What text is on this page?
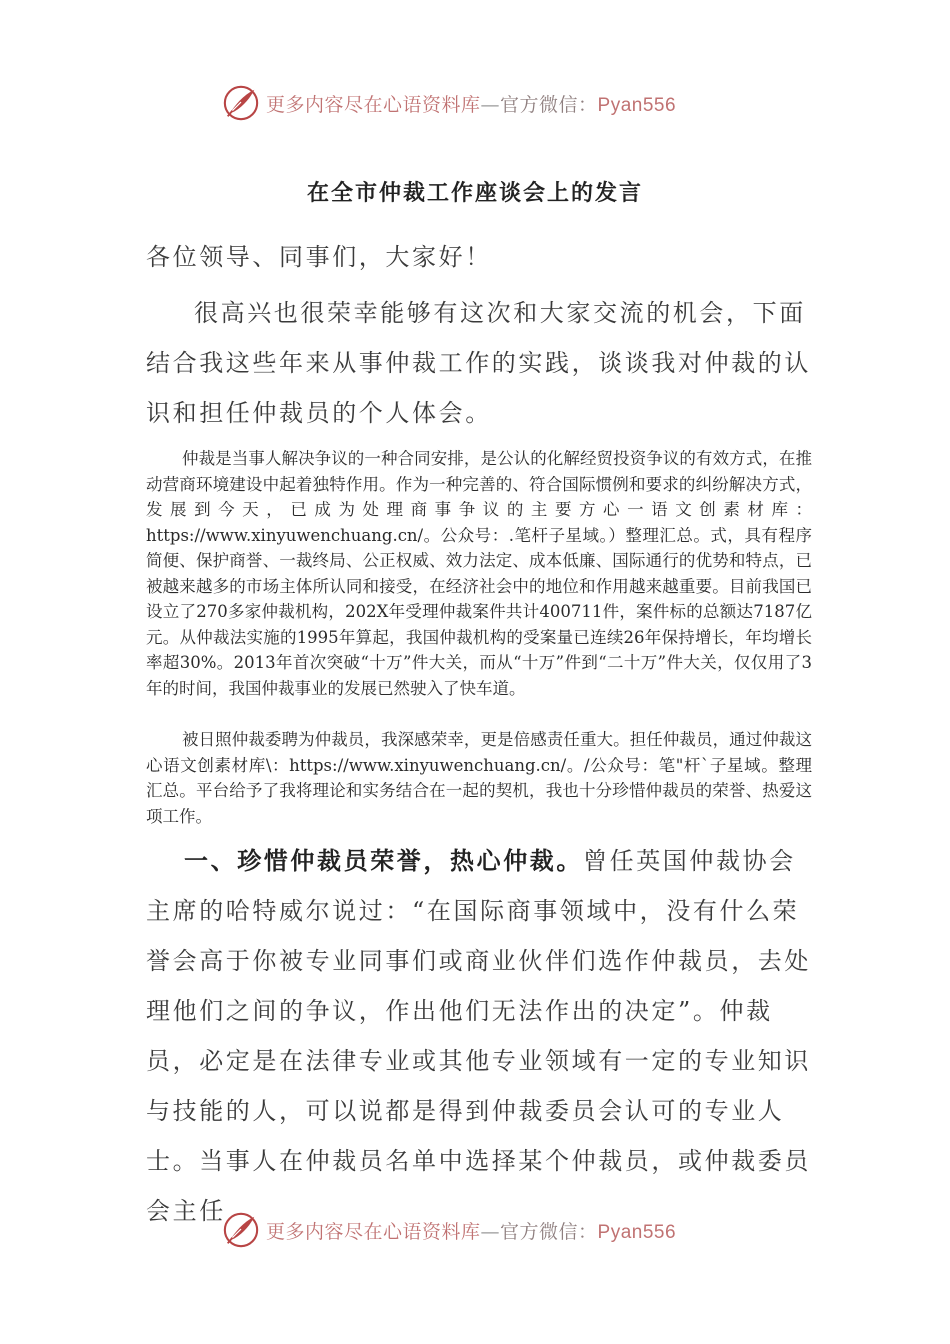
更多内容尽在心语资料库—官方微信：Pyan556
在全市仲裁工作座谈会上的发言

各位领导、同事们，大家好！

很高兴也很荣幸能够有这次和大家交流的机会，下面结合我这些年来从事仲裁工作的实践，谈谈我对仲裁的认识和担任仲裁员的个人体会。

仲裁是当事人解决争议的一种合同安排，是公认的化解经贸投资争议的有效方式，在推动营商环境建设中起着独特作用。作为一种完善的、符合国际惯例和要求的纠纷解决方式，发展到今天，已成为处理商事争议的主要方心一语文创素材库：https://www.xinyuwenchuang.cn/。公众号：.笔杆子星域。）整理汇总。式，具有程序简便、保护商誉、一裁终局、公正权威、效力法定、成本低廉、国际通行的优势和特点，已被越来越多的市场主体所认同和接受，在经济社会中的地位和作用越来越重要。目前我国已设立了270多家仲裁机构，202X年受理仲裁案件共计400711件，案件标的总额达7187亿元。从仲裁法实施的1995年算起，我国仲裁机构的受案量已连续26年保持增长，年均增长率超30%。2013年首次突破“十万”件大关，而从“十万”件到“二十万”件大关，仅仅用了3年的时间，我国仲裁事业的发展已然驶入了快车道。

被日照仲裁委聘为仲裁员，我深感荣幸，更是倍感责任重大。担任仲裁员，通过仲裁这心语文创素材库\：https://www.xinyuwenchuang.cn/。/公众号：笔"杆`子星域。整理汇总。平台给予了我将理论和实务结合在一起的契机，我也十分珍惜仲裁员的荣誉、热爱这项工作。

一、珍惜仲裁员荣誉，热心仲裁。曾任英国仲裁协会主席的哈特威尔说过：“在国际商事领域中，没有什么荣誉会高于你被专业同事们或商业伙伴们选作仲裁员，去处理他们之间的争议，作出他们无法作出的决定”。仲裁员，必定是在法律专业或其他专业领域有一定的专业知识与技能的人，可以说都是得到仲裁委员会认可的专业人士。当事人在仲裁员名单中选择某个仲裁员，或仲裁委员会主任

更多内容尽在心语资料库—官方微信：Pyan556
